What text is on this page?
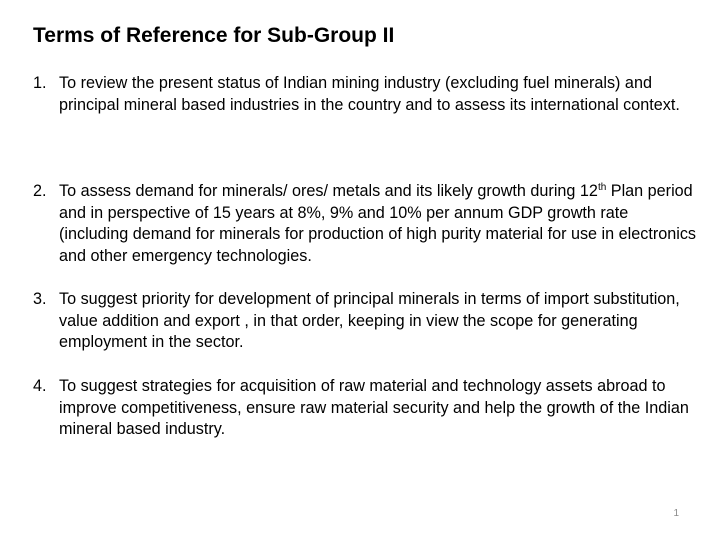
Terms of Reference for Sub-Group II
1. To review the present status of Indian mining industry (excluding fuel minerals) and principal mineral based industries in the country and to assess its international context.
2. To assess demand for minerals/ ores/ metals and its likely growth during 12th Plan period and in perspective of 15 years at 8%, 9% and 10% per annum GDP growth rate (including demand for minerals for production of high purity material for use in electronics and other emergency technologies.
3. To suggest priority for development of principal minerals in terms of import substitution, value addition and export , in that order, keeping in view the scope for generating employment in the sector.
4. To suggest strategies for acquisition of raw material and technology assets abroad to improve competitiveness, ensure raw material security and help the growth of the Indian mineral based industry.
1
